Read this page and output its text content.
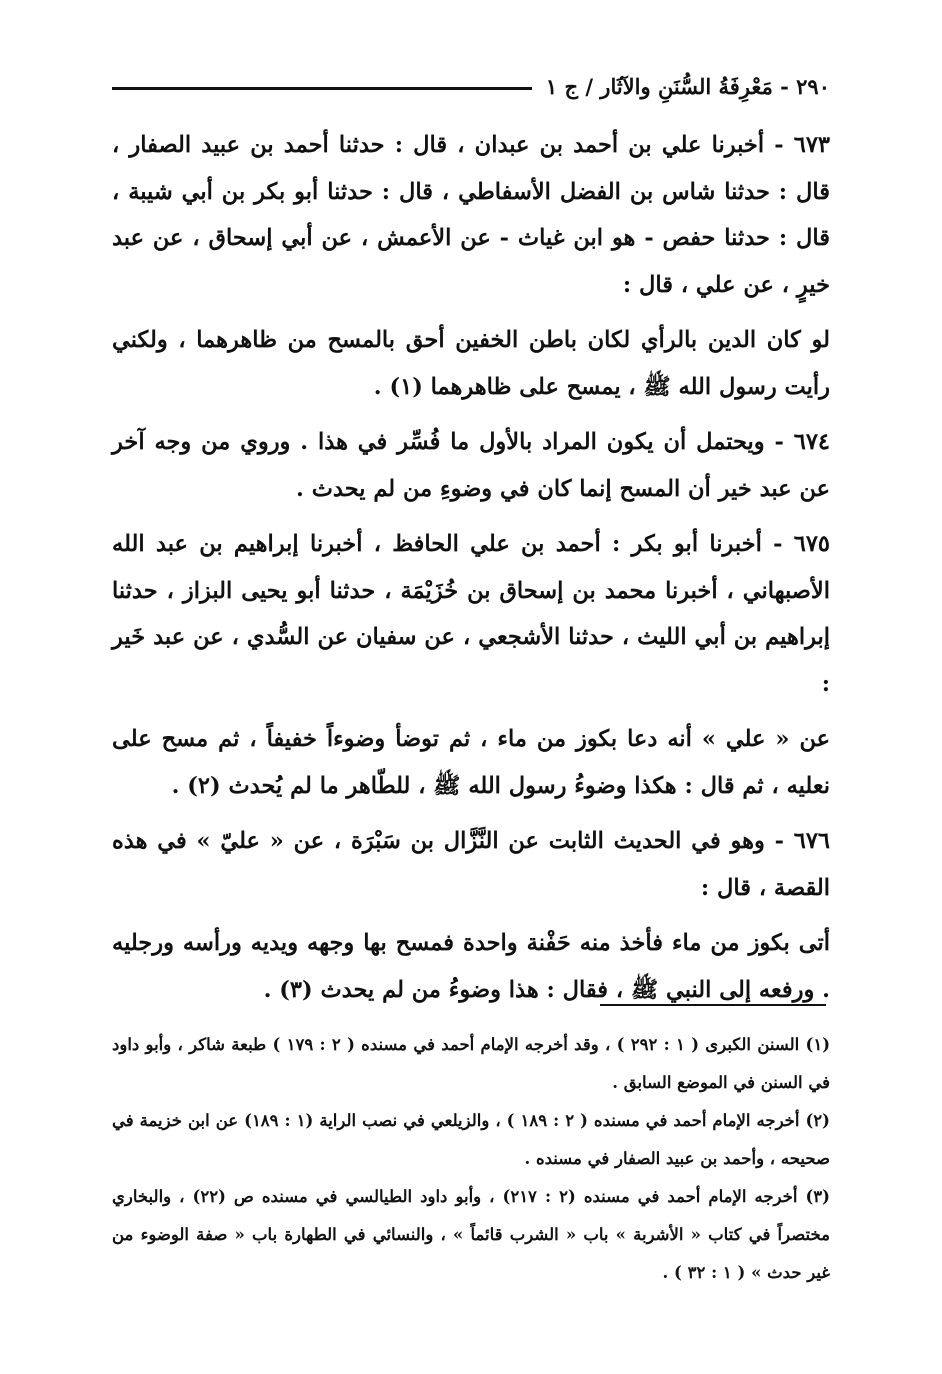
٢٩٠ - مَعْرِفَةُ السُّنَنِ والآثَار / ج ١

٦٧٣ - أخبرنا علي بن أحمد بن عبدان ، قال : حدثنا أحمد بن عبيد الصفار ، قال : حدثنا شاس بن الفضل الأسفاطي ، قال : حدثنا أبو بكر بن أبي شيبة ، قال : حدثنا حفص - هو ابن غياث - عن الأعمش ، عن أبي إسحاق ، عن عبد خيرٍ ، عن علي ، قال :

لو كان الدين بالرأي لكان باطن الخفين أحق بالمسح من ظاهرهما ، ولكني رأيت رسول الله ﷺ ، يمسح على ظاهرهما (١) .

٦٧٤ - ويحتمل أن يكون المراد بالأول ما فُسِّر في هذا . وروي من وجه آخر عن عبد خير أن المسح إنما كان في وضوءِ من لم يحدث .

٦٧٥ - أخبرنا أبو بكر : أحمد بن علي الحافظ ، أخبرنا إبراهيم بن عبد الله الأصبهاني ، أخبرنا محمد بن إسحاق بن خُزَيْمَة ، حدثنا أبو يحيى البزاز ، حدثنا إبراهيم بن أبي الليث ، حدثنا الأشجعي ، عن سفيان عن السُّدي ، عن عبد خَير :

عن « علي » أنه دعا بكوز من ماء ، ثم توضأ وضوءاً خفيفاً ، ثم مسح على نعليه ، ثم قال : هكذا وضوءُ رسول الله ﷺ ، للطّاهر ما لم يُحدث (٢) .

٦٧٦ - وهو في الحديث الثابت عن النَّزَّال بن سَبْرَة ، عن « عليّ » في هذه القصة ، قال :

أتى بكوز من ماء فأخذ منه حَفْنة واحدة فمسح بها وجهه ويديه ورأسه ورجليه . ورفعه إلى النبي ﷺ ، فقال : هذا وضوءُ من لم يحدث (٣) .

(١) السنن الكبرى ( ١ : ٢٩٢ ) ، وقد أخرجه الإمام أحمد في مسنده ( ٢ : ١٧٩ ) طبعة شاكر ، وأبو داود في السنن في الموضع السابق .

(٢) أخرجه الإمام أحمد في مسنده ( ٢ : ١٨٩ ) ، والزيلعي في نصب الراية (١ : ١٨٩) عن ابن خزيمة في صحيحه ، وأحمد بن عبيد الصفار في مسنده .

(٣) أخرجه الإمام أحمد في مسنده (٢ : ٢١٧) ، وأبو داود الطيالسي في مسنده ص (٢٢) ، والبخاري مختصراً في كتاب « الأشربة » باب « الشرب قائماً » ، والنسائي في الطهارة باب « صفة الوضوء من غير حدث » ( ١ : ٣٢ ) .
